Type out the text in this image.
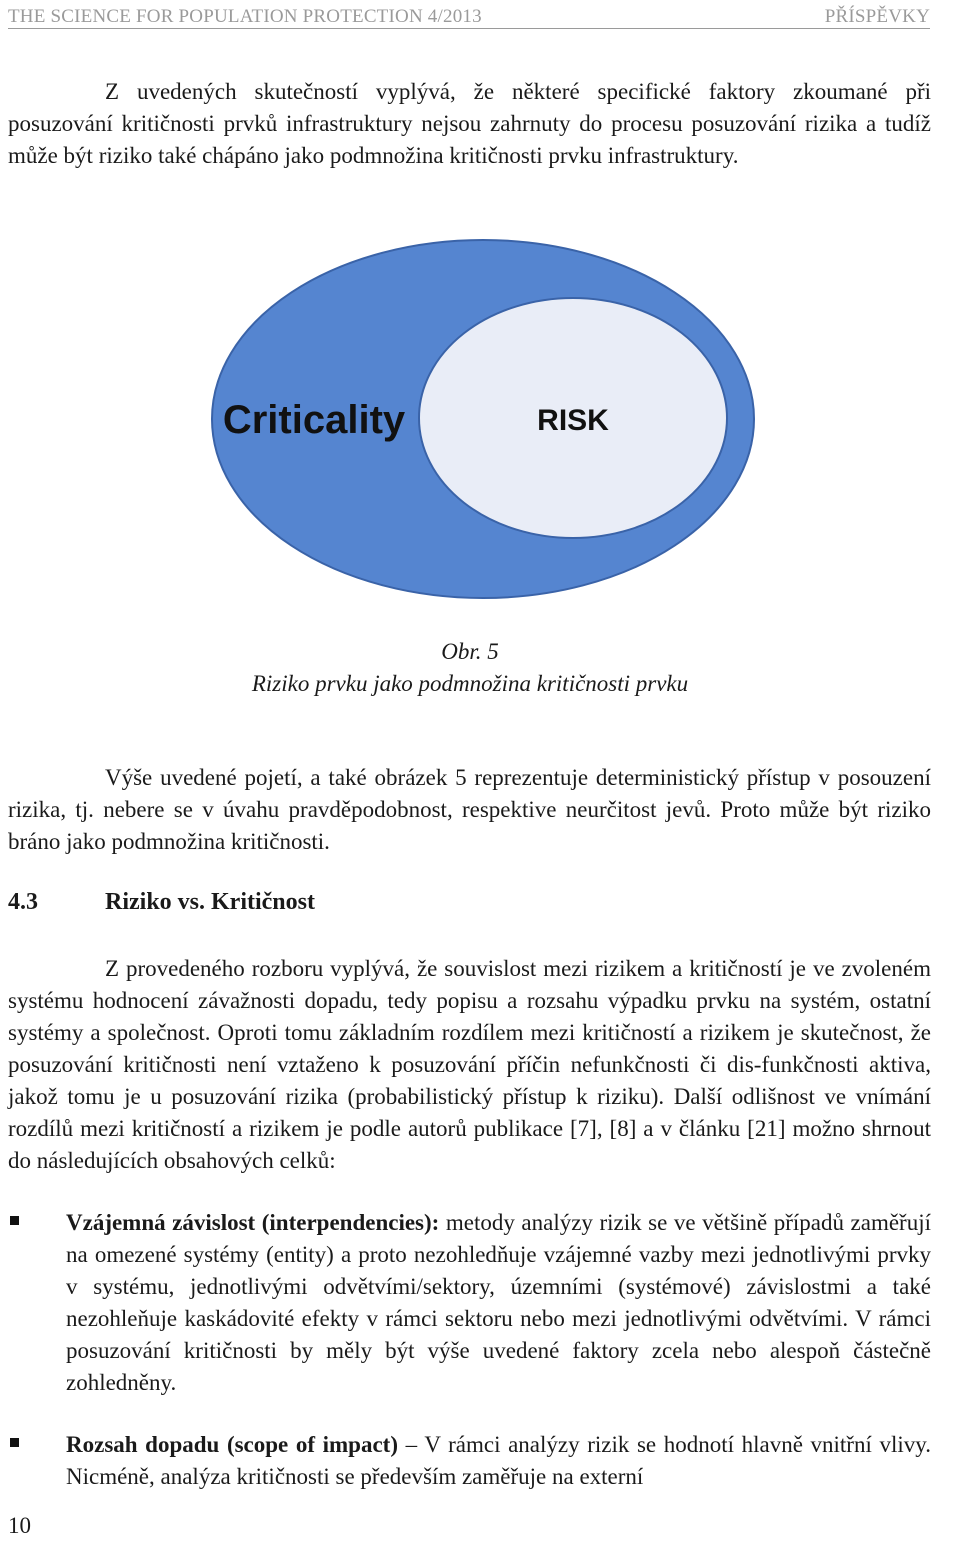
THE SCIENCE FOR POPULATION PROTECTION 4/2013	PŘÍSPĚVKY

Z uvedených skutečností vyplývá, že některé specifické faktory zkoumané při posuzování kritičnosti prvků infrastruktury nejsou zahrnuty do procesu posuzování rizika a tudíž může být riziko také chápáno jako podmnožina kritičnosti prvku infrastruktury.

Criticality	RISK
Obr. 5
Riziko prvku jako podmnožina kritičnosti prvku

Výše uvedené pojetí, a také obrázek 5 reprezentuje deterministický přístup v posouzení rizika, tj. nebere se v úvahu pravděpodobnost, respektive neurčitost jevů. Proto může být riziko bráno jako podmnožina kritičnosti.

4.3	Riziko vs. Kritičnost

Z provedeného rozboru vyplývá, že souvislost mezi rizikem a kritičností je ve zvoleném systému hodnocení závažnosti dopadu, tedy popisu a rozsahu výpadku prvku na systém, ostatní systémy a společnost. Oproti tomu základním rozdílem mezi kritičností a rizikem je skutečnost, že posuzování kritičnosti není vztaženo k posuzování příčin nefunkčnosti či dis-funkčnosti aktiva, jakož tomu je u posuzování rizika (probabilistický přístup k riziku). Další odlišnost ve vnímání rozdílů mezi kritičností a rizikem je podle autorů publikace [7], [8] a v článku [21] možno shrnout do následujících obsahových celků:

Vzájemná závislost (interpendencies): metody analýzy rizik se ve většině případů zaměřují na omezené systémy (entity) a proto nezohledňuje vzájemné vazby mezi jednotlivými prvky v systému, jednotlivými odvětvími/sektory, územními (systémové) závislostmi a také nezohleňuje kaskádovité efekty v rámci sektoru nebo mezi jednotlivými odvětvími. V rámci posuzování kritičnosti by měly být výše uvedené faktory zcela nebo alespoň částečně zohledněny.
Rozsah dopadu (scope of impact) – V rámci analýzy rizik se hodnotí hlavně vnitřní vlivy. Nicméně, analýza kritičnosti se především zaměřuje na externí
10
